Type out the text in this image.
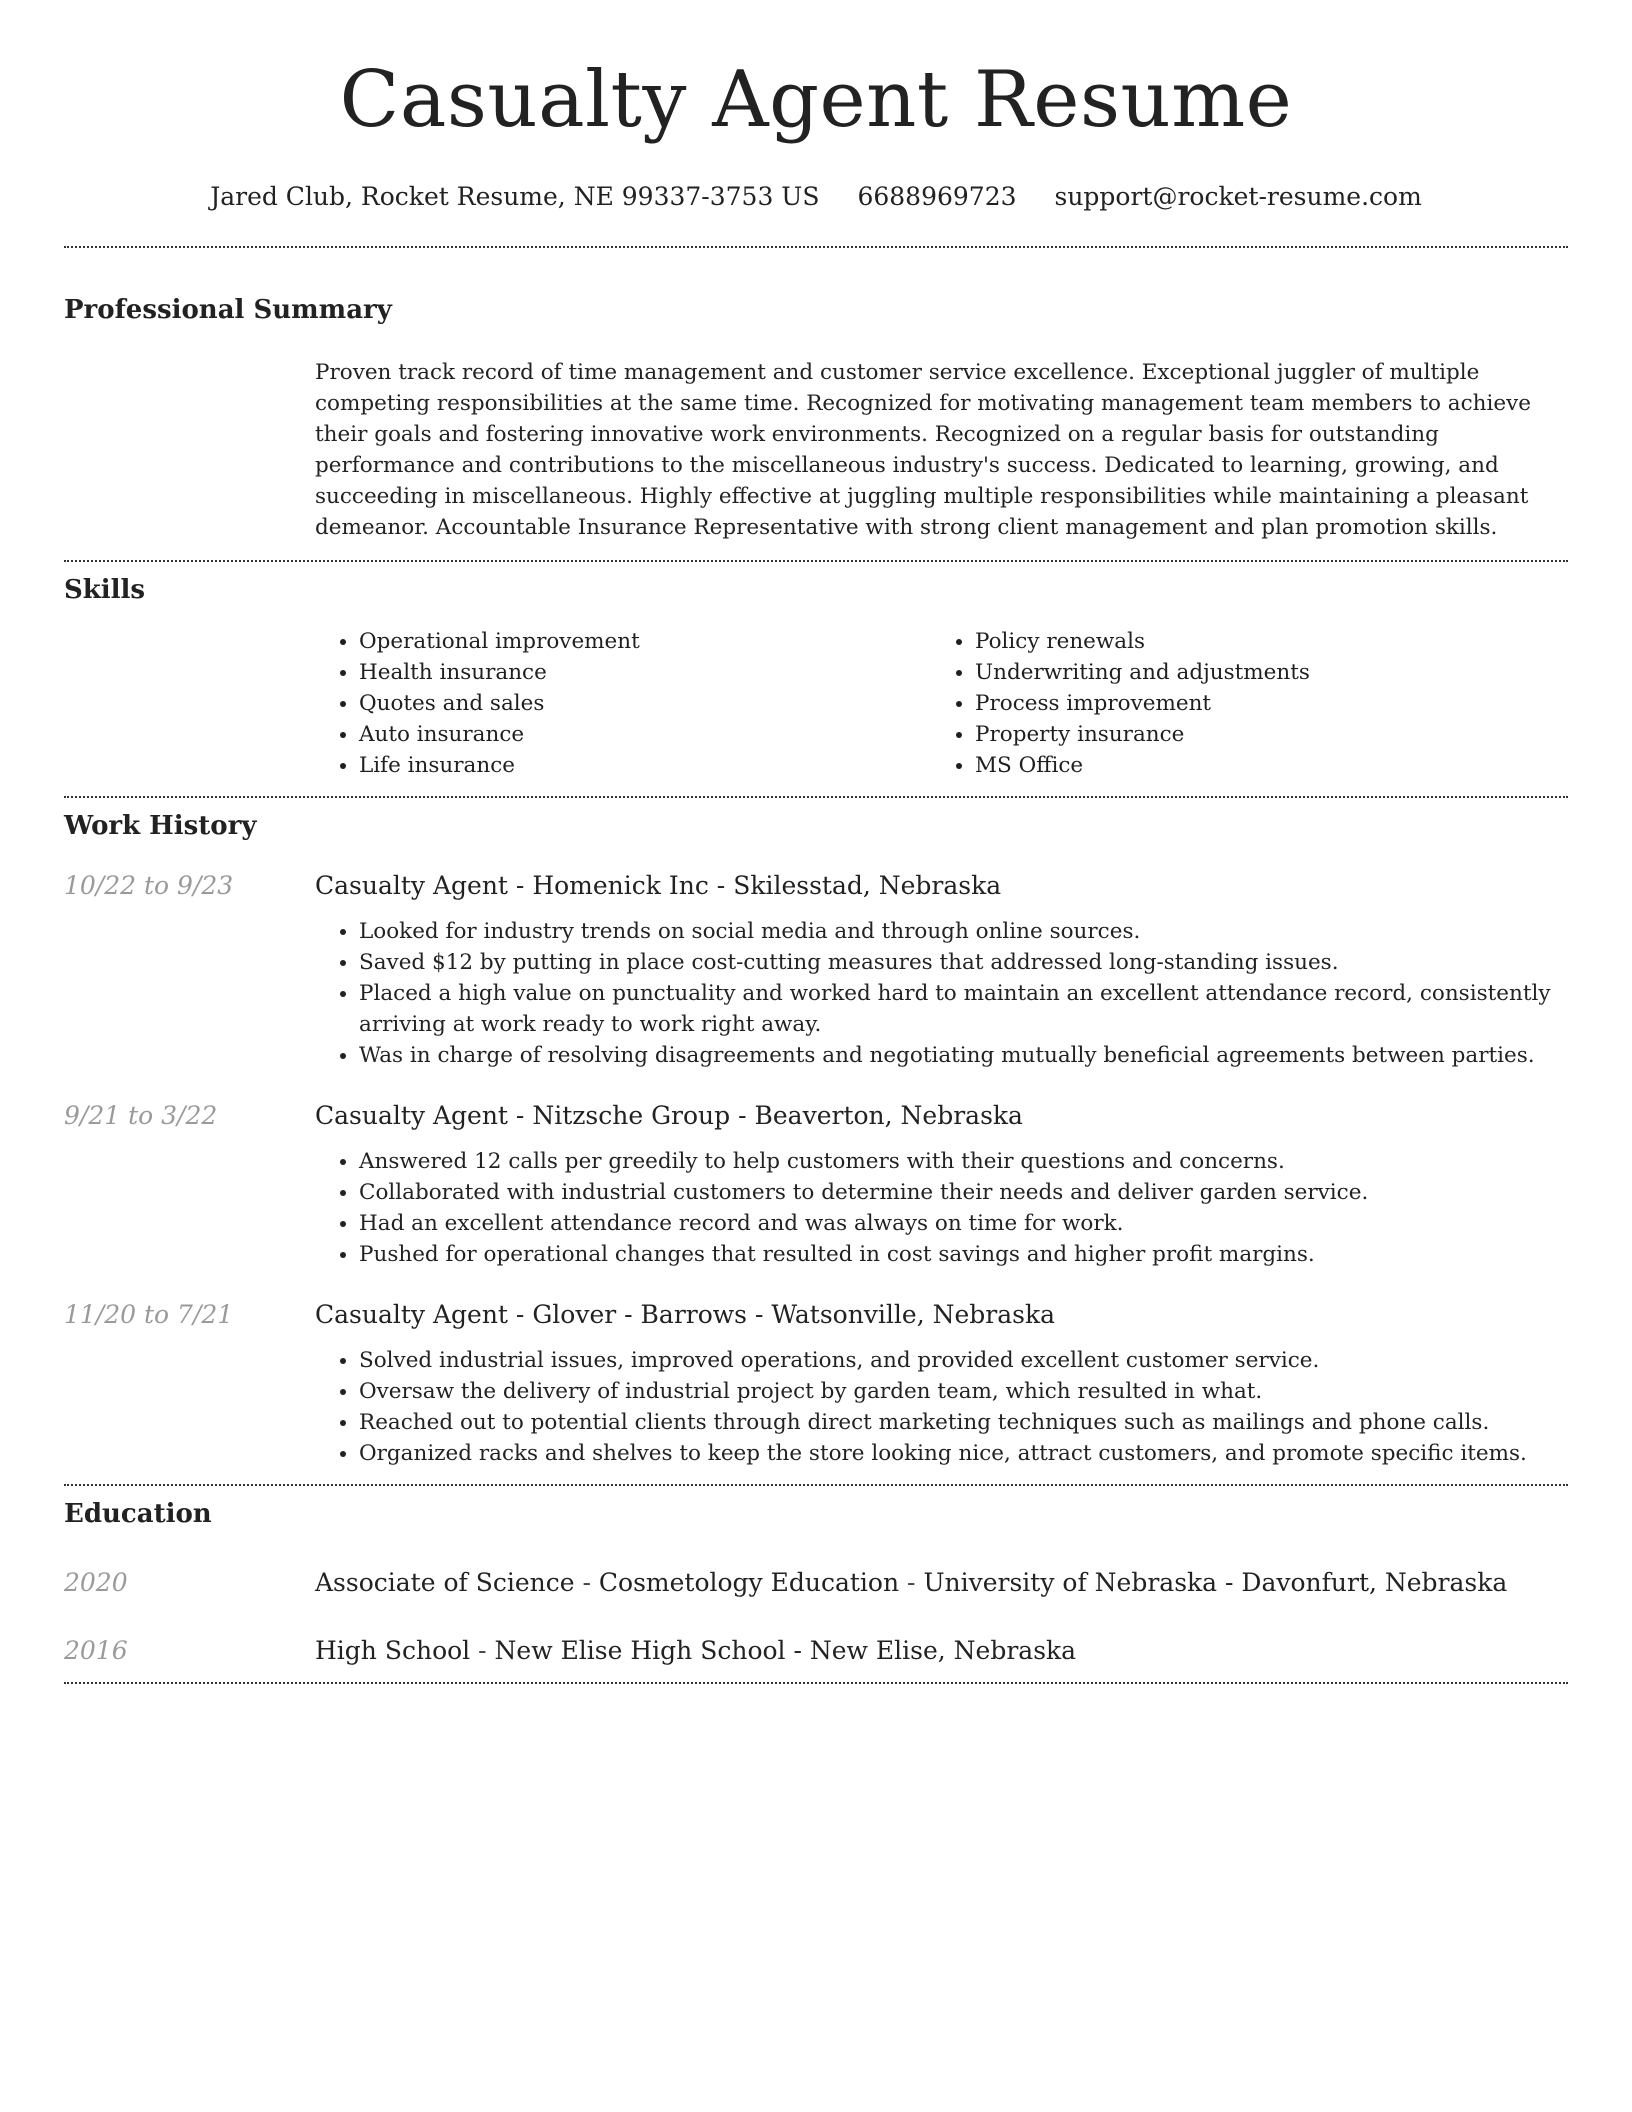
Casualty Agent Resume
Jared Club, Rocket Resume, NE 99337-3753 US 6688969723 support@rocket-resume.com
Professional Summary
Proven track record of time management and customer service excellence. Exceptional juggler of multiple competing responsibilities at the same time. Recognized for motivating management team members to achieve their goals and fostering innovative work environments. Recognized on a regular basis for outstanding performance and contributions to the miscellaneous industry's success. Dedicated to learning, growing, and succeeding in miscellaneous. Highly effective at juggling multiple responsibilities while maintaining a pleasant demeanor. Accountable Insurance Representative with strong client management and plan promotion skills.
Skills
• Operational improvement
• Health insurance
• Quotes and sales
• Auto insurance
• Life insurance
• Policy renewals
• Underwriting and adjustments
• Process improvement
• Property insurance
• MS Office
Work History
10/22 to 9/23	Casualty Agent - Homenick Inc - Skilesstad, Nebraska
• Looked for industry trends on social media and through online sources.
• Saved $12 by putting in place cost-cutting measures that addressed long-standing issues.
• Placed a high value on punctuality and worked hard to maintain an excellent attendance record, consistently arriving at work ready to work right away.
• Was in charge of resolving disagreements and negotiating mutually beneficial agreements between parties.
9/21 to 3/22	Casualty Agent - Nitzsche Group - Beaverton, Nebraska
• Answered 12 calls per greedily to help customers with their questions and concerns.
• Collaborated with industrial customers to determine their needs and deliver garden service.
• Had an excellent attendance record and was always on time for work.
• Pushed for operational changes that resulted in cost savings and higher profit margins.
11/20 to 7/21	Casualty Agent - Glover - Barrows - Watsonville, Nebraska
• Solved industrial issues, improved operations, and provided excellent customer service.
• Oversaw the delivery of industrial project by garden team, which resulted in what.
• Reached out to potential clients through direct marketing techniques such as mailings and phone calls.
• Organized racks and shelves to keep the store looking nice, attract customers, and promote specific items.
Education
2020	Associate of Science - Cosmetology Education - University of Nebraska - Davonfurt, Nebraska
2016	High School - New Elise High School - New Elise, Nebraska
